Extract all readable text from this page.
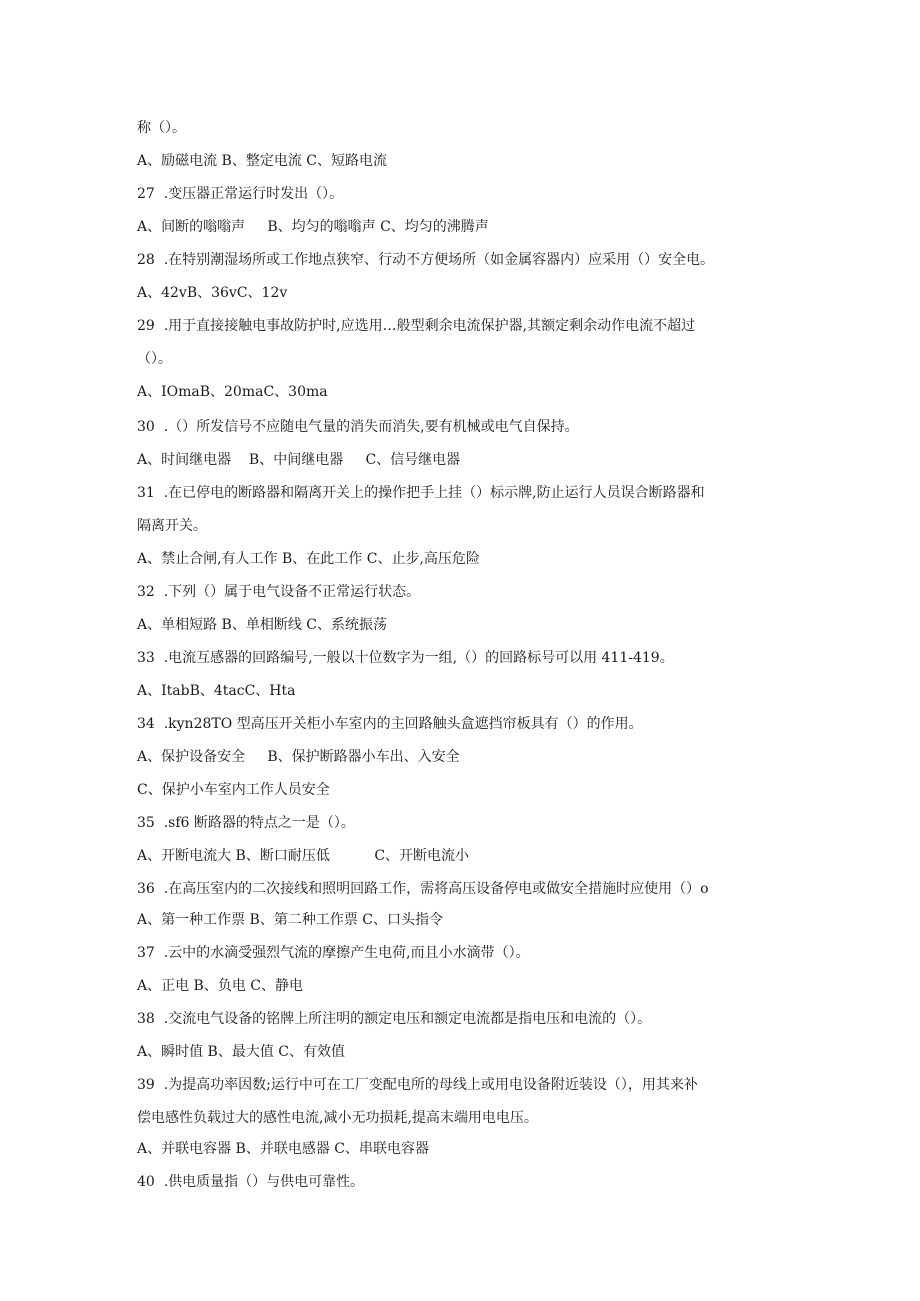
称（）。
A、励磁电流 B、整定电流 C、短路电流
27  .变压器正常运行时发出（）。
A、间断的嗡嗡声     B、均匀的嗡嗡声 C、均匀的沸腾声
28  .在特别潮湿场所或工作地点狭窄、行动不方便场所（如金属容器内）应采用（）安全电。
A、42vB、36vC、12v
29  .用于直接接触电事故防护时,应选用…般型剩余电流保护器,其额定剩余动作电流不超过
（）。
A、IOmaB、20maC、30ma
30  .（）所发信号不应随电气量的消失而消失,要有机械或电气自保持。
A、时间继电器    B、中间继电器     C、信号继电器
31  .在已停电的断路器和隔离开关上的操作把手上挂（）标示牌,防止运行人员误合断路器和
隔离开关。
A、禁止合闸,有人工作 B、在此工作 C、止步,高压危险
32  .下列（）属于电气设备不正常运行状态。
A、单相短路 B、单相断线 C、系统振荡
33  .电流互感器的回路编号,一般以十位数字为一组,（）的回路标号可以用 411-419。
A、ItabB、4tacC、Hta
34  .kyn28TO 型高压开关柜小车室内的主回路触头盒遮挡帘板具有（）的作用。
A、保护设备安全     B、保护断路器小车出、入安全
C、保护小车室内工作人员安全
35  .sf6 断路器的特点之一是（）。
A、开断电流大 B、断口耐压低          C、开断电流小
36  .在高压室内的二次接线和照明回路工作，需将高压设备停电或做安全措施时应使用（）o
A、第一种工作票 B、第二种工作票 C、口头指令
37  .云中的水滴受强烈气流的摩擦产生电荷,而且小水滴带（）。
A、正电 B、负电 C、静电
38  .交流电气设备的铭牌上所注明的额定电压和额定电流都是指电压和电流的（）。
A、瞬时值 B、最大值 C、有效值
39  .为提高功率因数;运行中可在工厂变配电所的母线上或用电设备附近装设（），用其来补
偿电感性负载过大的感性电流,减小无功损耗,提高末端用电电压。
A、并联电容器 B、并联电感器 C、串联电容器
40  .供电质量指（）与供电可靠性。
